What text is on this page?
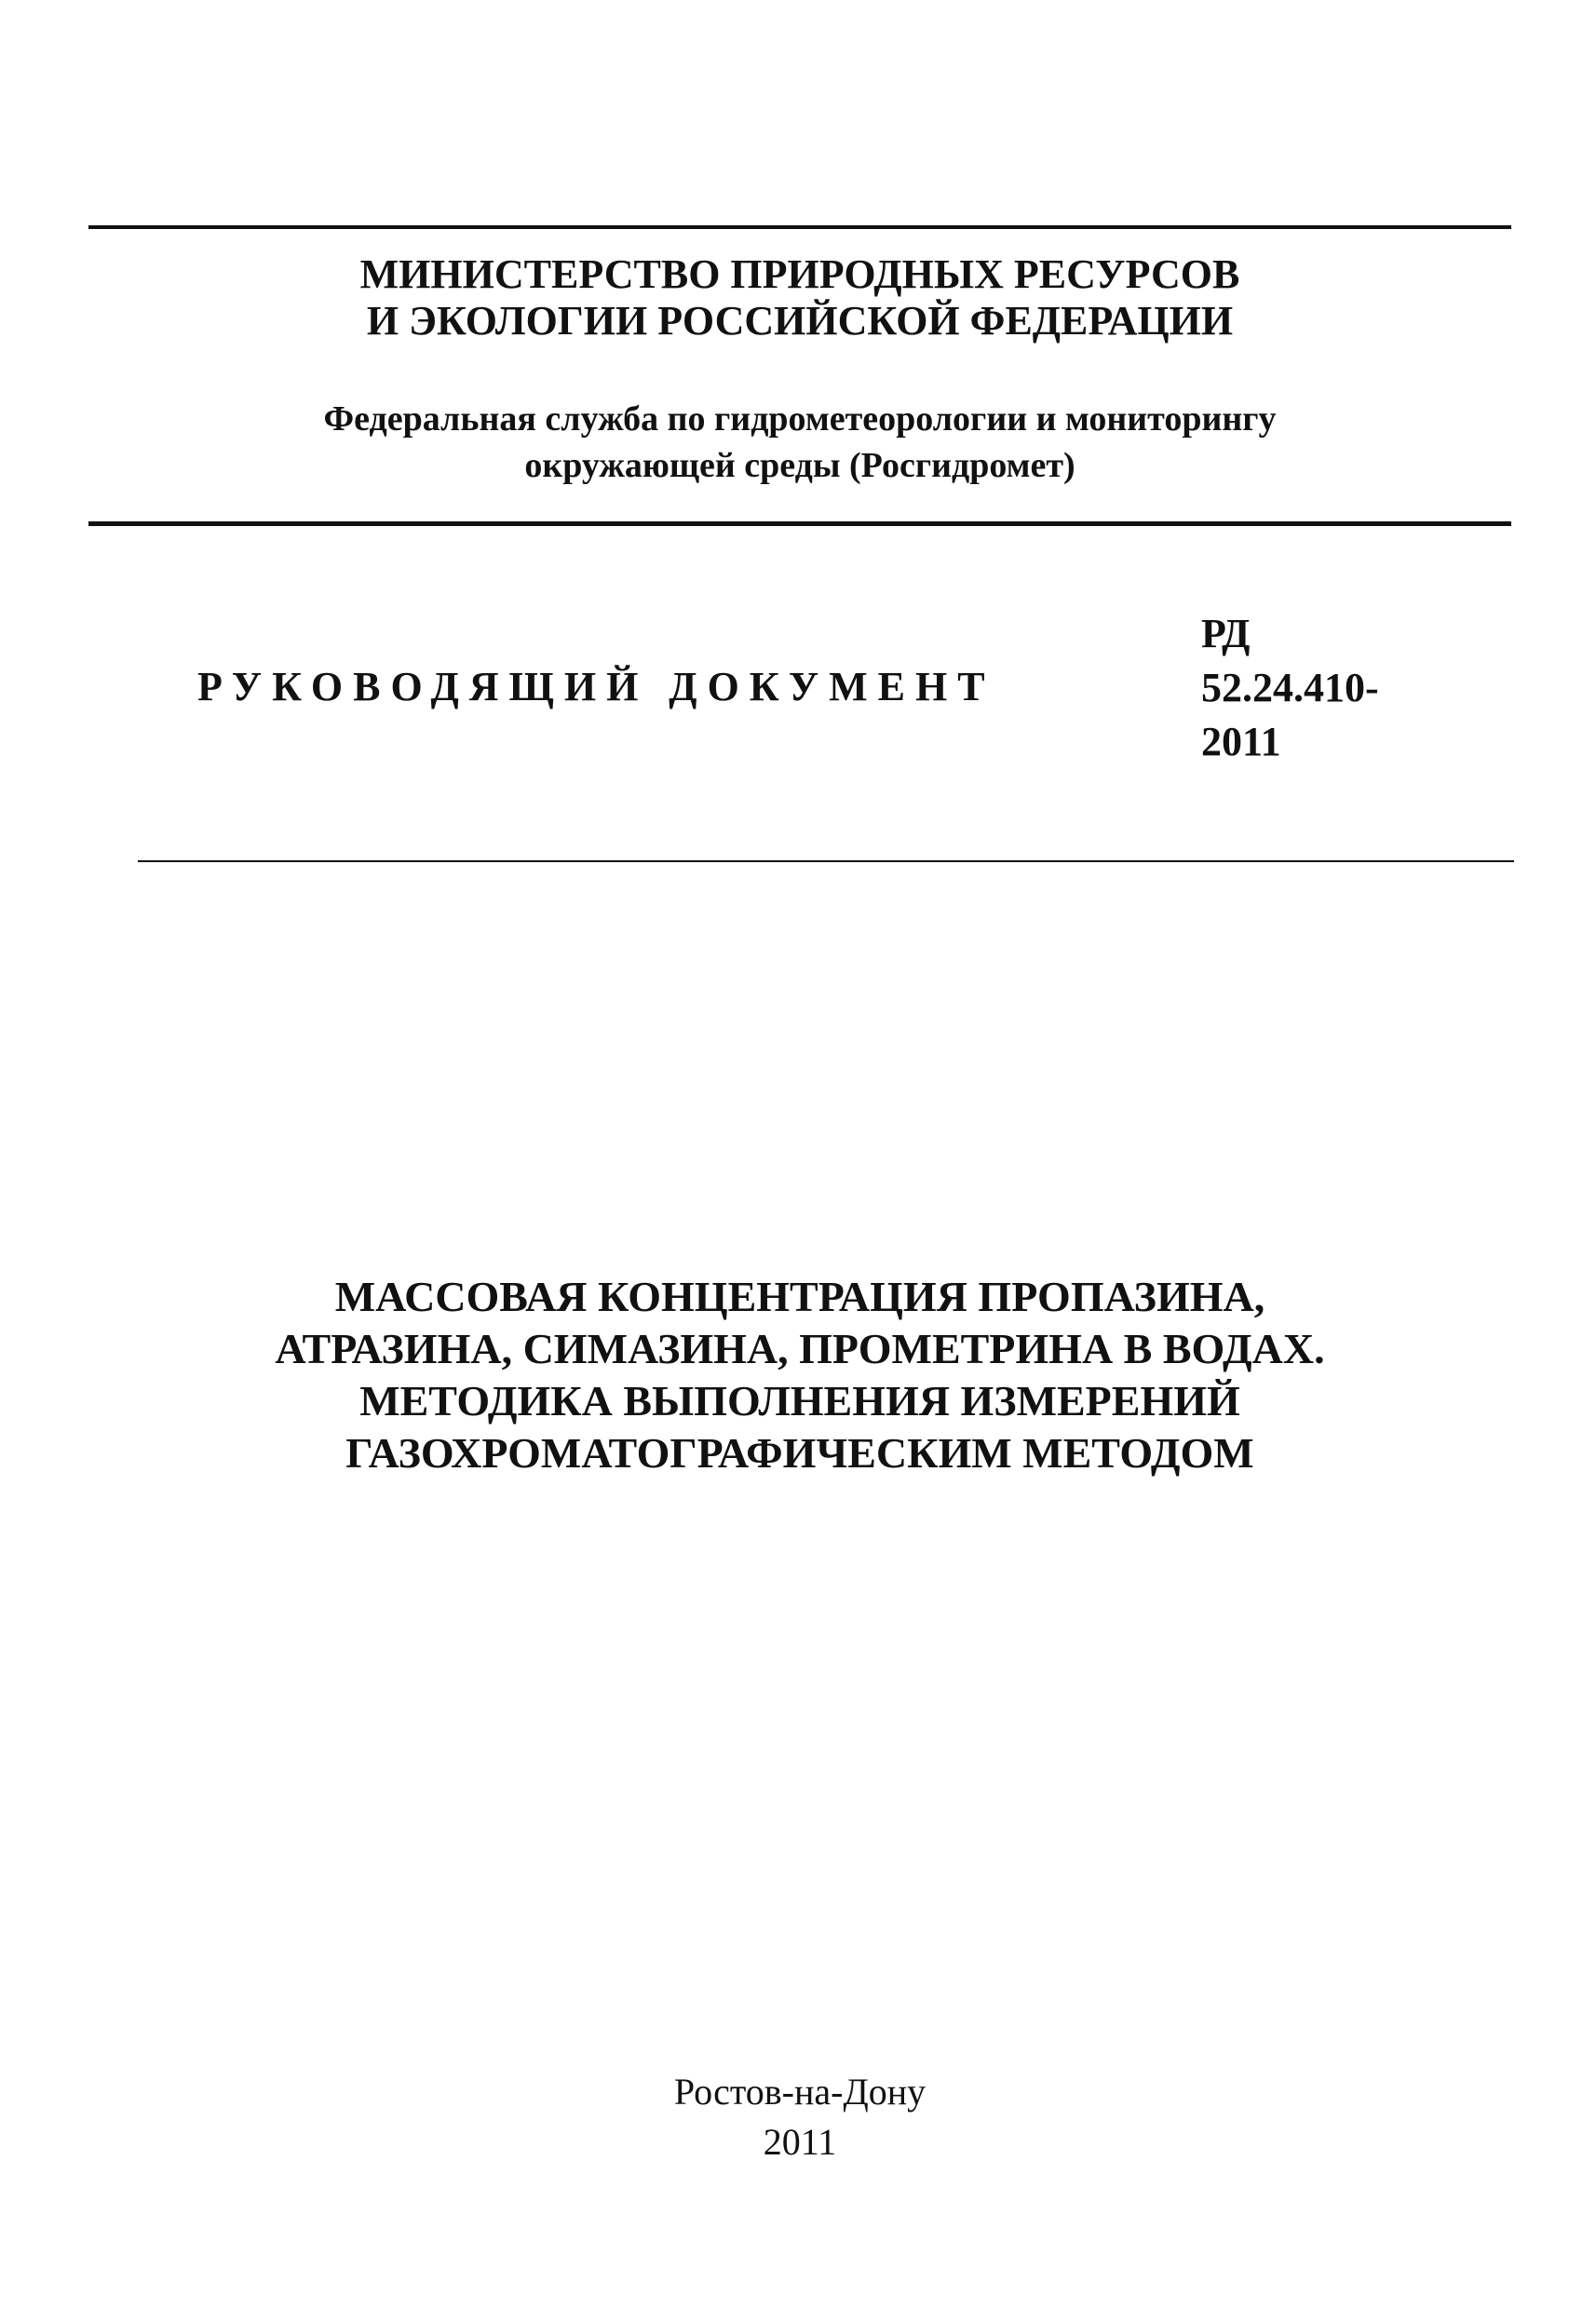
МИНИСТЕРСТВО ПРИРОДНЫХ РЕСУРСОВ
И ЭКОЛОГИИ РОССИЙСКОЙ ФЕДЕРАЦИИ
Федеральная служба по гидрометеорологии и мониторингу
окружающей среды (Росгидромет)
РУКОВОДЯЩИЙ ДОКУМЕНТ
РД
52.24.410-
2011
МАССОВАЯ КОНЦЕНТРАЦИЯ ПРОПАЗИНА,
АТРАЗИНА, СИМАЗИНА, ПРОМЕТРИНА В ВОДАХ.
МЕТОДИКА ВЫПОЛНЕНИЯ ИЗМЕРЕНИЙ
ГАЗОХРОМАТОГРАФИЧЕСКИМ МЕТОДОМ
Ростов-на-Дону
2011
